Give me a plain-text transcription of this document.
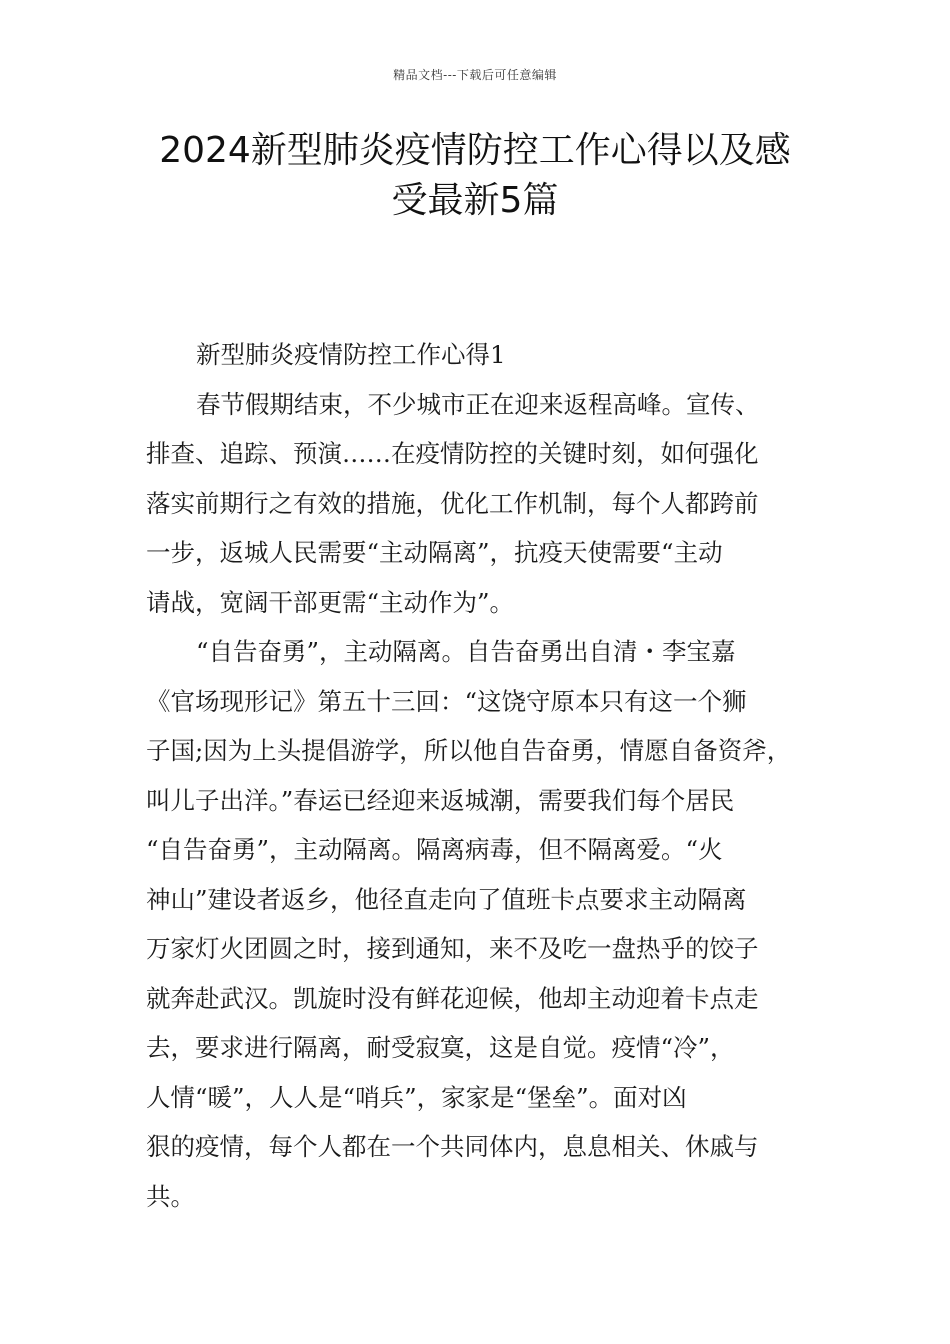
精品文档---下载后可任意编辑
2024新型肺炎疫情防控工作心得以及感
受最新5篇
新型肺炎疫情防控工作心得1
春节假期结束，不少城市正在迎来返程高峰。宣传、
排查、追踪、预演……在疫情防控的关键时刻，如何强化
落实前期行之有效的措施，优化工作机制，每个人都跨前
一步，返城人民需要“主动隔离”，抗疫天使需要“主动
请战，宽阔干部更需“主动作为”。
“自告奋勇”，主动隔离。自告奋勇出自清・李宝嘉
《官场现形记》第五十三回：“这饶守原本只有这一个狮
子国;因为上头提倡游学，所以他自告奋勇，情愿自备资斧，
叫儿子出洋。”春运已经迎来返城潮，需要我们每个居民
“自告奋勇”，主动隔离。隔离病毒，但不隔离爱。“火
神山”建设者返乡，他径直走向了值班卡点要求主动隔离
万家灯火团圆之时，接到通知，来不及吃一盘热乎的饺子
就奔赴武汉。凯旋时没有鲜花迎候，他却主动迎着卡点走
去，要求进行隔离，耐受寂寞，这是自觉。疫情“冷”，
人情“暖”，人人是“哨兵”，家家是“堡垒”。面对凶
狠的疫情，每个人都在一个共同体内，息息相关、休戚与
共。
